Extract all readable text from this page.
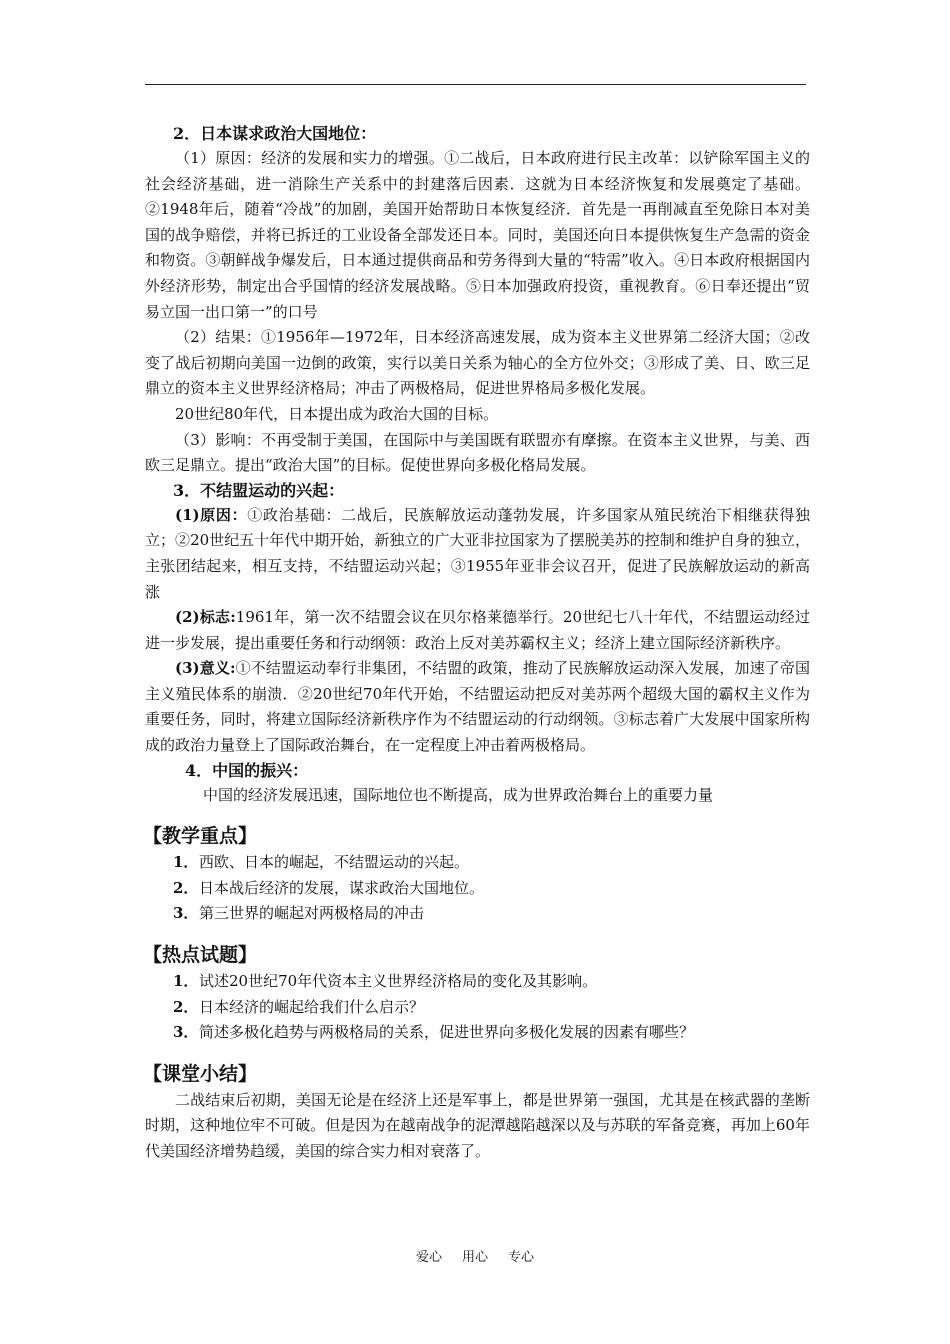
2．日本谋求政治大国地位：
（1）原因：经济的发展和实力的增强。①二战后，日本政府进行民主改革：以铲除军国主义的社会经济基础，进一消除生产关系中的封建落后因素．这就为日本经济恢复和发展奠定了基础。②1948年后，随着“冷战”的加剧，美国开始帮助日本恢复经济．首先是一再削减直至免除日本对美国的战争赔偿，并将已拆迁的工业设备全部发还日本。同时，美国还向日本提供恢复生产急需的资金和物资。③朝鲜战争爆发后，日本通过提供商品和劳务得到大量的“特需”收入。④日本政府根据国内外经济形势，制定出合乎国情的经济发展战略。⑤日本加强政府投资，重视教育。⑥日奉还提出“贸易立国一出口第一”的口号
（2）结果：①1956年—1972年，日本经济高速发展，成为资本主义世界第二经济大国；②改变了战后初期向美国一边倒的政策，实行以美日关系为轴心的全方位外交；③形成了美、日、欧三足鼎立的资本主义世界经济格局；冲击了两极格局，促进世界格局多极化发展。
20世纪80年代，日本提出成为政治大国的目标。
（3）影响：不再受制于美国，在国际中与美国既有联盟亦有摩擦。在资本主义世界，与美、西欧三足鼎立。提出“政治大国”的目标。促使世界向多极化格局发展。
3．不结盟运动的兴起：
(1)原因：①政治基础：二战后，民族解放运动蓬勃发展，许多国家从殖民统治下相继获得独立；②20世纪五十年代中期开始，新独立的广大亚非拉国家为了摆脱美苏的控制和维护自身的独立，主张团结起来，相互支持，不结盟运动兴起；③1955年亚非会议召开，促进了民族解放运动的新高涨
(2)标志:1961年，第一次不结盟会议在贝尔格莱德举行。20世纪七八十年代，不结盟运动经过进一步发展，提出重要任务和行动纲领：政治上反对美苏霸权主义；经济上建立国际经济新秩序。
(3)意义:①不结盟运动奉行非集团，不结盟的政策，推动了民族解放运动深入发展，加速了帝国主义殖民体系的崩溃．②20世纪70年代开始，不结盟运动把反对美苏两个超级大国的霸权主义作为重要任务，同时，将建立国际经济新秩序作为不结盟运动的行动纲领。③标志着广大发展中国家所构成的政治力量登上了国际政治舞台，在一定程度上冲击着两极格局。
4．中国的振兴：
中国的经济发展迅速，国际地位也不断提高，成为世界政治舞台上的重要力量
【教学重点】
1．西欧、日本的崛起，不结盟运动的兴起。
2．日本战后经济的发展，谋求政治大国地位。
3．第三世界的崛起对两极格局的冲击
【热点试题】
1．试述20世纪70年代资本主义世界经济格局的变化及其影响。
2．日本经济的崛起给我们什么启示？
3．简述多极化趋势与两极格局的关系，促进世界向多极化发展的因素有哪些？
【课堂小结】
二战结束后初期，美国无论是在经济上还是军事上，都是世界第一强国，尤其是在核武器的垄断时期，这种地位牢不可破。但是因为在越南战争的泥潭越陷越深以及与苏联的军备竞赛，再加上60年代美国经济增势趋缓，美国的综合实力相对衰落了。
爱心 用心 专心
